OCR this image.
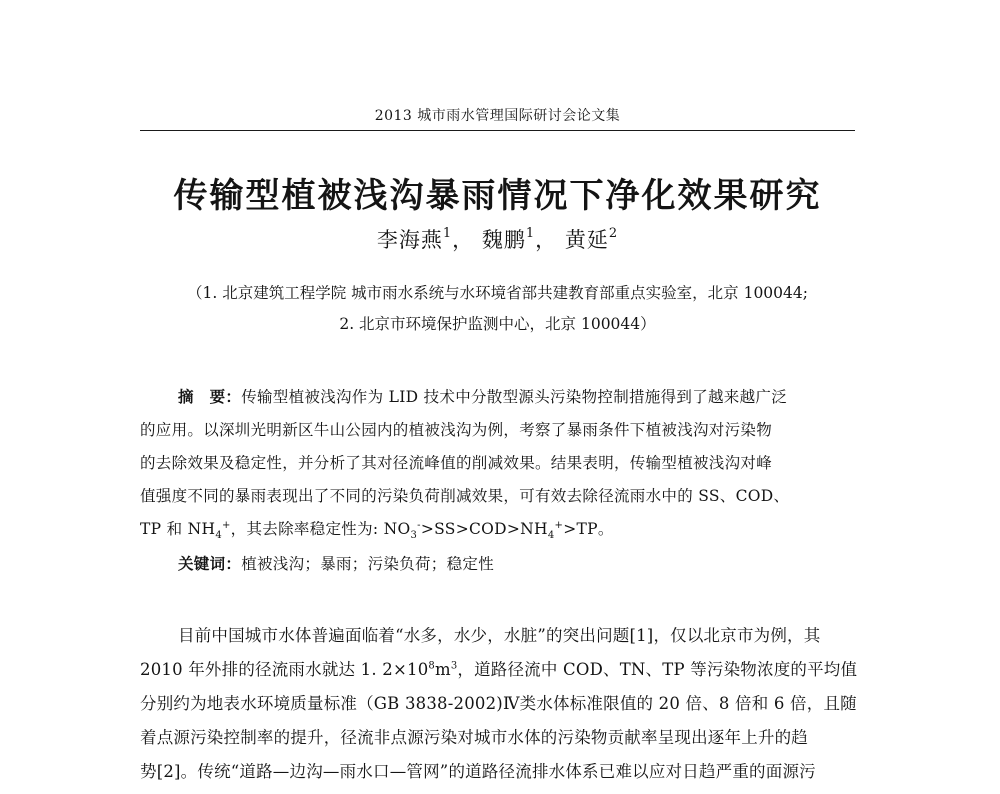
2013 城市雨水管理国际研讨会论文集
传输型植被浅沟暴雨情况下净化效果研究
李海燕$^1$， 魏鹏$^1$， 黄延$^2$
（1. 北京建筑工程学院 城市雨水系统与水环境省部共建教育部重点实验室，北京 100044;
2. 北京市环境保护监测中心，北京 100044）
摘　要：传输型植被浅沟作为 LID 技术中分散型源头污染物控制措施得到了越来越广泛
的应用。以深圳光明新区牛山公园内的植被浅沟为例，考察了暴雨条件下植被浅沟对污染物
的去除效果及稳定性，并分析了其对径流峰值的削减效果。结果表明，传输型植被浅沟对峰
值强度不同的暴雨表现出了不同的污染负荷削减效果，可有效去除径流雨水中的 SS、COD、
TP 和 $NH_4^+$，其去除率稳定性为: $NO_3^->SS>COD>NH_4^+>TP$。
关键词：植被浅沟；暴雨；污染负荷；稳定性
目前中国城市水体普遍面临着“水多，水少，水脏”的突出问题[1]，仅以北京市为例，其
2010 年外排的径流雨水就达 1. $2\times 10^8m^3$，道路径流中 COD、TN、TP 等污染物浓度的平均值
分别约为地表水环境质量标准（GB 3838-2002)Ⅳ类水体标准限值的 20 倍、8 倍和 6 倍，且随
着点源污染控制率的提升，径流非点源污染对城市水体的污染物贡献率呈现出逐年上升的趋
势[2]。传统“道路—边沟—雨水口—管网”的道路径流排水体系已难以应对日趋严重的面源污
